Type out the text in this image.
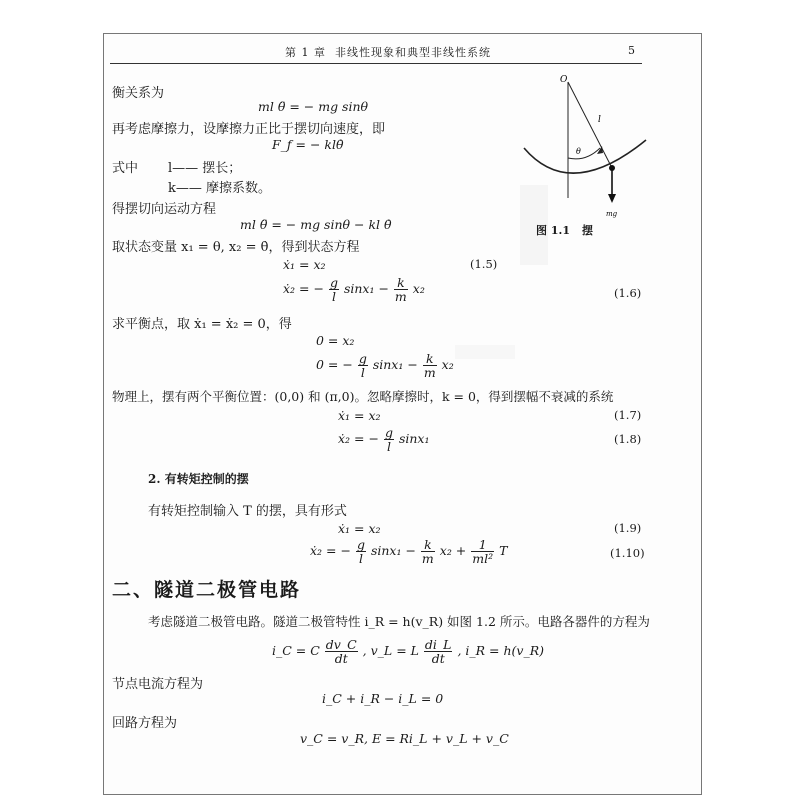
第 1 章 非线性现象和典型非线性系统	5
衡关系为
ml θ̈ = − mg sinθ
再考虑摩擦力，设摩擦力正比于摆切向速度，即
F_f = − klθ̇
式中 l—— 摆长；
k—— 摩擦系数。
得摆切向运动方程
ml θ̈ = − mg sinθ − kl θ̇
取状态变量 x₁ = θ, x₂ = θ̇，得到状态方程
ẋ₁ = x₂	(1.5)
ẋ₂ = − $\frac{g}{l} \sin x_1 - \frac{k}{m} x_2$	(1.6)
求平衡点，取 ẋ₁ = ẋ₂ = 0，得
0 = x₂
0 = − $\frac{g}{l} \sin x_1 - \frac{k}{m} x_2$
物理上，摆有两个平衡位置：(0,0) 和 (π,0)。忽略摩擦时，k = 0，得到摆幅不衰减的系统
ẋ₁ = x₂	(1.7)
ẋ₂ = − $\frac{g}{l} \sin x_1$	(1.8)
2. 有转矩控制的摆
有转矩控制输入 T 的摆，具有形式
ẋ₁ = x₂	(1.9)
ẋ₂ = − $\frac{g}{l} \sin x_1 - \frac{k}{m} x_2 + \frac{1}{\text{ml²}}$ T	(1.10)
二、隧道二极管电路
考虑隧道二极管电路。隧道二极管特性 i_R = h(v_R) 如图 1.2 所示。电路各器件的方程为
i_C = C $\frac{dv\_C}{dt}$ , v_L = L $\frac{di\_L}{dt}$ , i_R = h(v_R)
节点电流方程为
i_C + i_R − i_L = 0
回路方程为
v_C = v_R, E = Ri_L + v_L + v_C
O
l
θ
mg
图 1.1 摆
